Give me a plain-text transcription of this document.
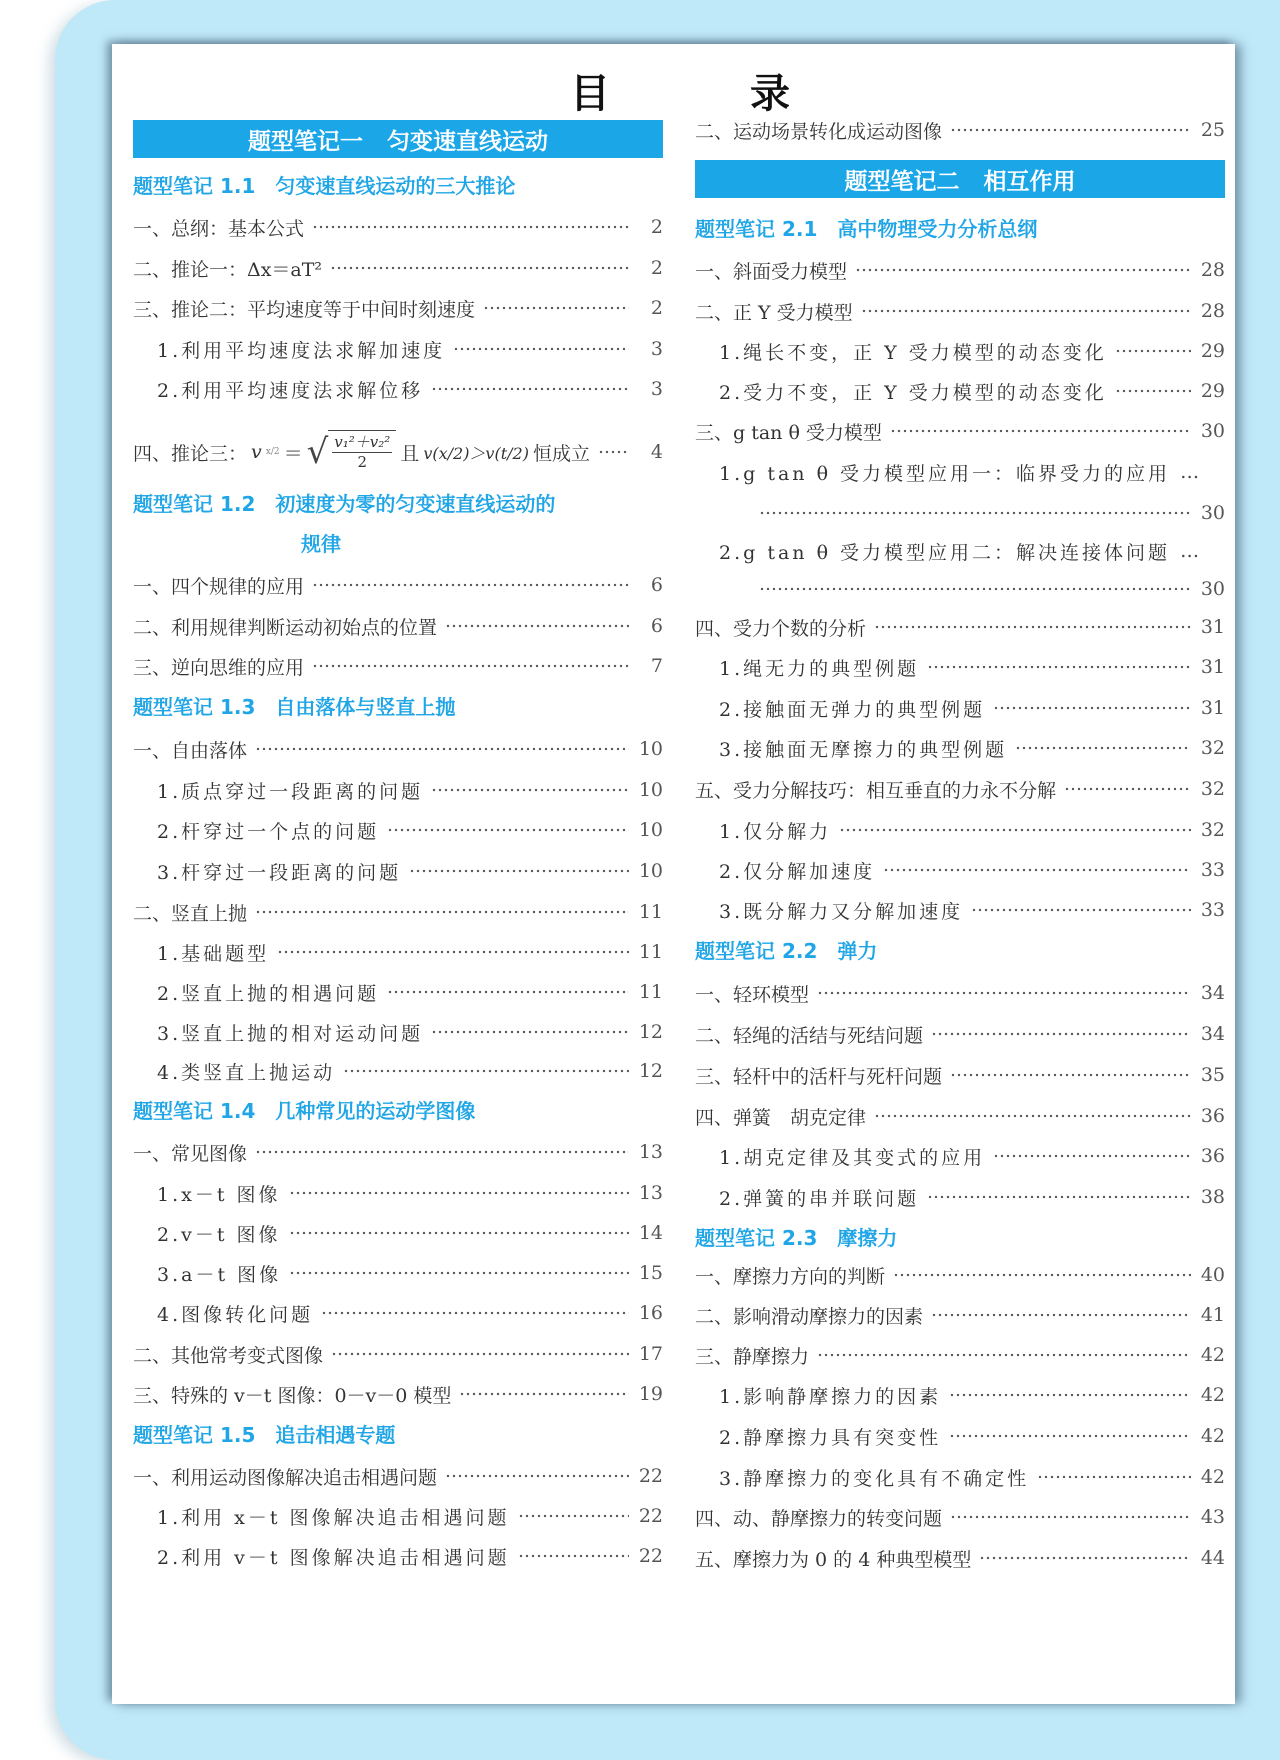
目	录
题型笔记一 匀变速直线运动
题型笔记 1.1 匀变速直线运动的三大推论
一、总纲：基本公式	2
二、推论一：Δx＝aT²	2
三、推论二：平均速度等于中间时刻速度	2
1.利用平均速度法求解加速度	3
2.利用平均速度法求解位移	3
四、推论三： v x/2 ＝ √ $\frac{\text{v₁²＋v₂²}}{2}$ 且 v(x/2)＞v(t/2) 恒成立	4
题型笔记 1.2 初速度为零的匀变速直线运动的
规律
一、四个规律的应用	6
二、利用规律判断运动初始点的位置	6
三、逆向思维的应用	7
题型笔记 1.3 自由落体与竖直上抛
一、自由落体	10
1.质点穿过一段距离的问题	10
2.杆穿过一个点的问题	10
3.杆穿过一段距离的问题	10
二、竖直上抛	11
1.基础题型	11
2.竖直上抛的相遇问题	11
3.竖直上抛的相对运动问题	12
4.类竖直上抛运动	12
题型笔记 1.4 几种常见的运动学图像
一、常见图像	13
1.x－t 图像	13
2.v－t 图像	14
3.a－t 图像	15
4.图像转化问题	16
二、其他常考变式图像	17
三、特殊的 v－t 图像：0－v－0 模型	19
题型笔记 1.5 追击相遇专题
一、利用运动图像解决追击相遇问题	22
1.利用 x－t 图像解决追击相遇问题	22
2.利用 v－t 图像解决追击相遇问题	22
二、运动场景转化成运动图像	25
题型笔记二 相互作用
题型笔记 2.1 高中物理受力分析总纲
一、斜面受力模型	28
二、正 Y 受力模型	28
1.绳长不变，正 Y 受力模型的动态变化	29
2.受力不变，正 Y 受力模型的动态变化	29
三、g tan θ 受力模型	30
1.g tan θ 受力模型应用一：临界受力的应用 …
30
2.g tan θ 受力模型应用二：解决连接体问题 …
30
四、受力个数的分析	31
1.绳无力的典型例题	31
2.接触面无弹力的典型例题	31
3.接触面无摩擦力的典型例题	32
五、受力分解技巧：相互垂直的力永不分解	32
1.仅分解力	32
2.仅分解加速度	33
3.既分解力又分解加速度	33
题型笔记 2.2 弹力
一、轻环模型	34
二、轻绳的活结与死结问题	34
三、轻杆中的活杆与死杆问题	35
四、弹簧　胡克定律	36
1.胡克定律及其变式的应用	36
2.弹簧的串并联问题	38
题型笔记 2.3 摩擦力
一、摩擦力方向的判断	40
二、影响滑动摩擦力的因素	41
三、静摩擦力	42
1.影响静摩擦力的因素	42
2.静摩擦力具有突变性	42
3.静摩擦力的变化具有不确定性	42
四、动、静摩擦力的转变问题	43
五、摩擦力为 0 的 4 种典型模型	44
